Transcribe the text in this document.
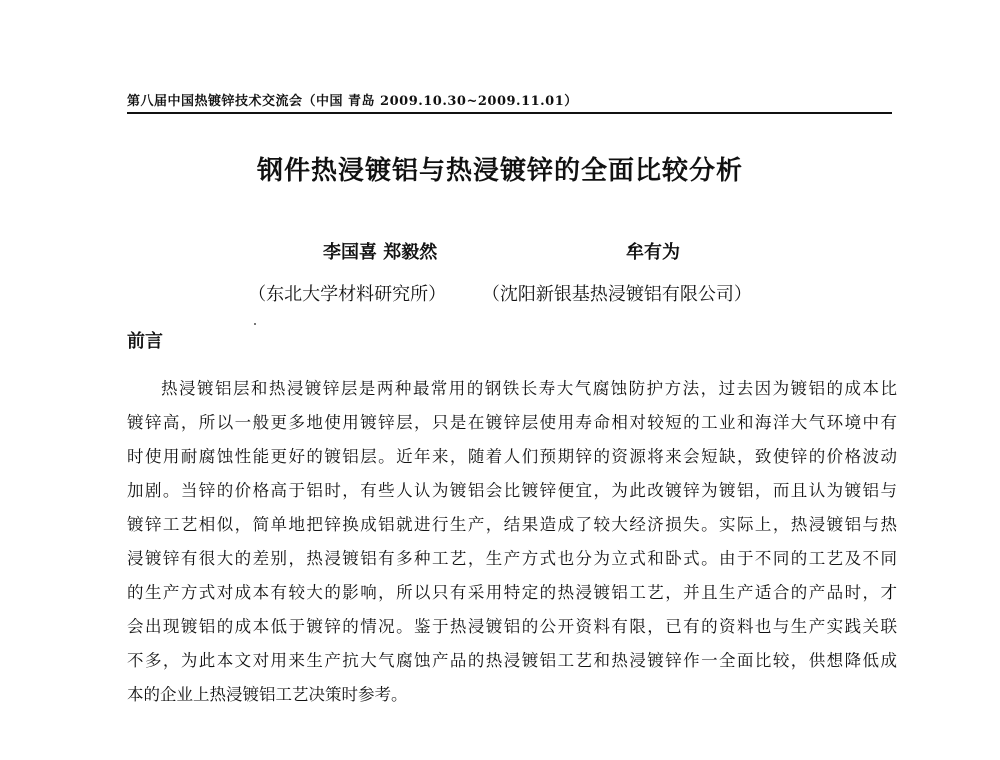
第八届中国热镀锌技术交流会（中国 青岛 2009.10.30~2009.11.01）
钢件热浸镀铝与热浸镀锌的全面比较分析
李国喜 郑毅然	牟有为
（东北大学材料研究所） （沈阳新银基热浸镀铝有限公司）
前言
热浸镀铝层和热浸镀锌层是两种最常用的钢铁长寿大气腐蚀防护方法，过去因为镀铝的成本比
镀锌高，所以一般更多地使用镀锌层，只是在镀锌层使用寿命相对较短的工业和海洋大气环境中有
时使用耐腐蚀性能更好的镀铝层。近年来，随着人们预期锌的资源将来会短缺，致使锌的价格波动
加剧。当锌的价格高于铝时，有些人认为镀铝会比镀锌便宜，为此改镀锌为镀铝，而且认为镀铝与
镀锌工艺相似，简单地把锌换成铝就进行生产，结果造成了较大经济损失。实际上，热浸镀铝与热
浸镀锌有很大的差别，热浸镀铝有多种工艺，生产方式也分为立式和卧式。由于不同的工艺及不同
的生产方式对成本有较大的影响，所以只有采用特定的热浸镀铝工艺，并且生产适合的产品时，才
会出现镀铝的成本低于镀锌的情况。鉴于热浸镀铝的公开资料有限，已有的资料也与生产实践关联
不多，为此本文对用来生产抗大气腐蚀产品的热浸镀铝工艺和热浸镀锌作一全面比较，供想降低成
本的企业上热浸镀铝工艺决策时参考。
